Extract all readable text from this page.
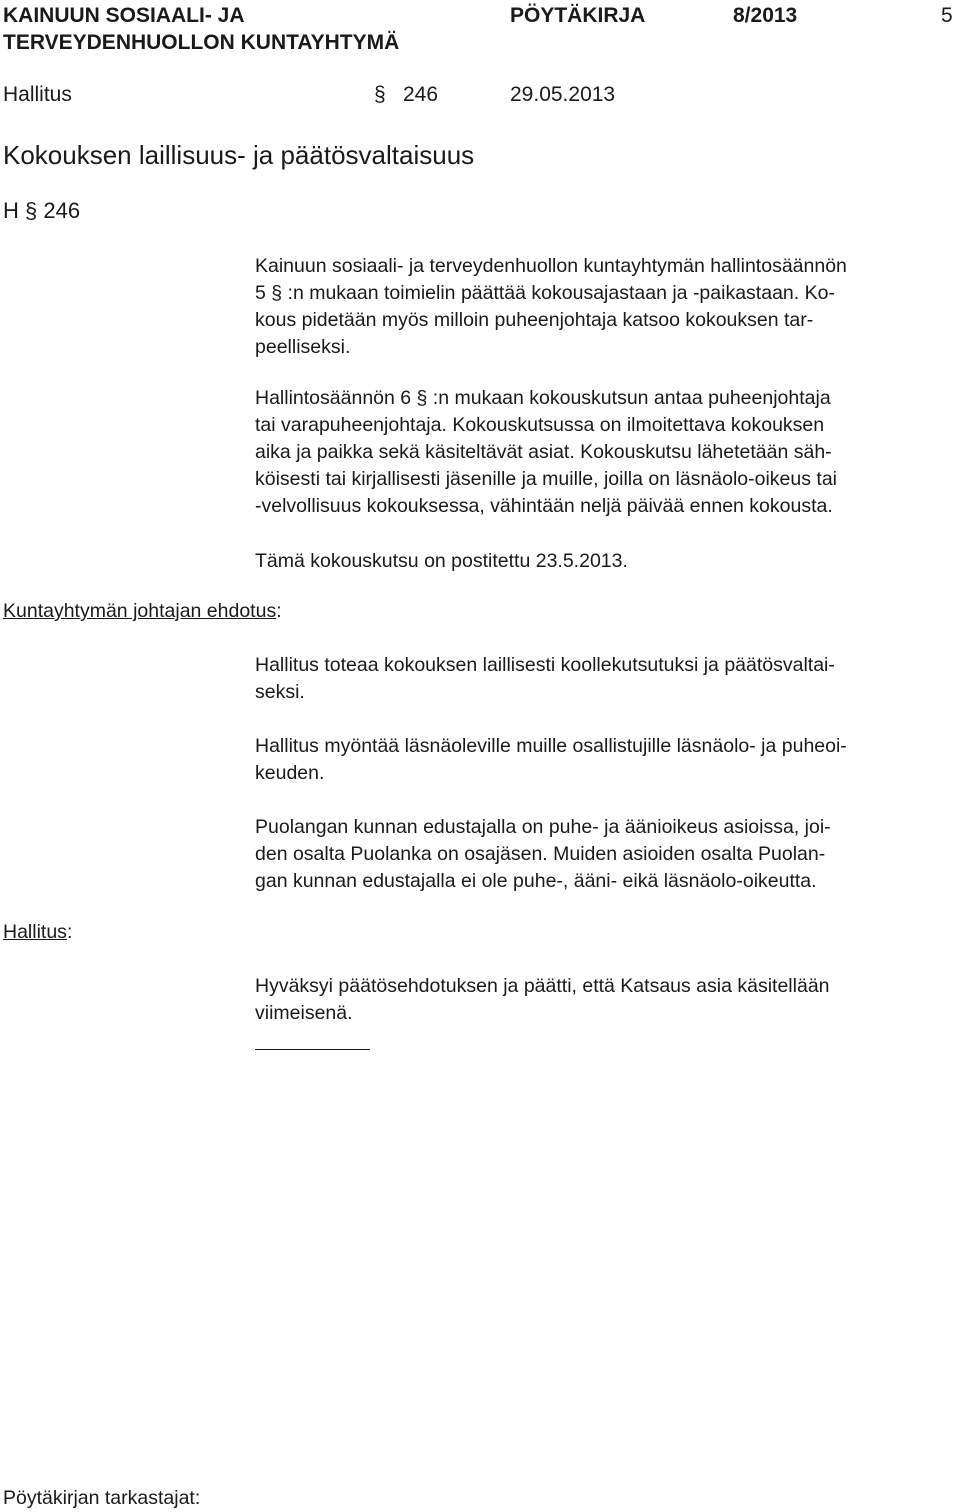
KAINUUN SOSIAALI- JA
TERVEYDENHUOLLON KUNTAYHTYMÄ
PÖYTÄKIRJA	8/2013	5
Hallitus	§ 246	29.05.2013
Kokouksen laillisuus- ja päätösvaltaisuus
H § 246
Kainuun sosiaali- ja terveydenhuollon kuntayhtymän hallintosäännön
5 § :n mukaan toimielin päättää kokousajastaan ja -paikastaan. Ko-
kous pidetään myös milloin puheenjohtaja katsoo kokouksen tar-
peelliseksi.
Hallintosäännön 6 § :n mukaan kokouskutsun antaa puheenjohtaja
tai varapuheenjohtaja. Kokouskutsussa on ilmoitettava kokouksen
aika ja paikka sekä käsiteltävät asiat. Kokouskutsu lähetetään säh-
köisesti tai kirjallisesti jäsenille ja muille, joilla on läsnäolo-oikeus tai
-velvollisuus kokouksessa, vähintään neljä päivää ennen kokousta.
Tämä kokouskutsu on postitettu 23.5.2013.
Kuntayhtymän johtajan ehdotus:
Hallitus toteaa kokouksen laillisesti koollekutsutuksi ja päätösvaltai-
seksi.
Hallitus myöntää läsnäoleville muille osallistujille läsnäolo- ja puheoi-
keuden.
Puolangan kunnan edustajalla on puhe- ja äänioikeus asioissa, joi-
den osalta Puolanka on osajäsen. Muiden asioiden osalta Puolan-
gan kunnan edustajalla ei ole puhe-, ääni- eikä läsnäolo-oikeutta.
Hallitus:
Hyväksyi päätösehdotuksen ja päätti, että Katsaus asia käsitellään
viimeisenä.
Pöytäkirjan tarkastajat:
